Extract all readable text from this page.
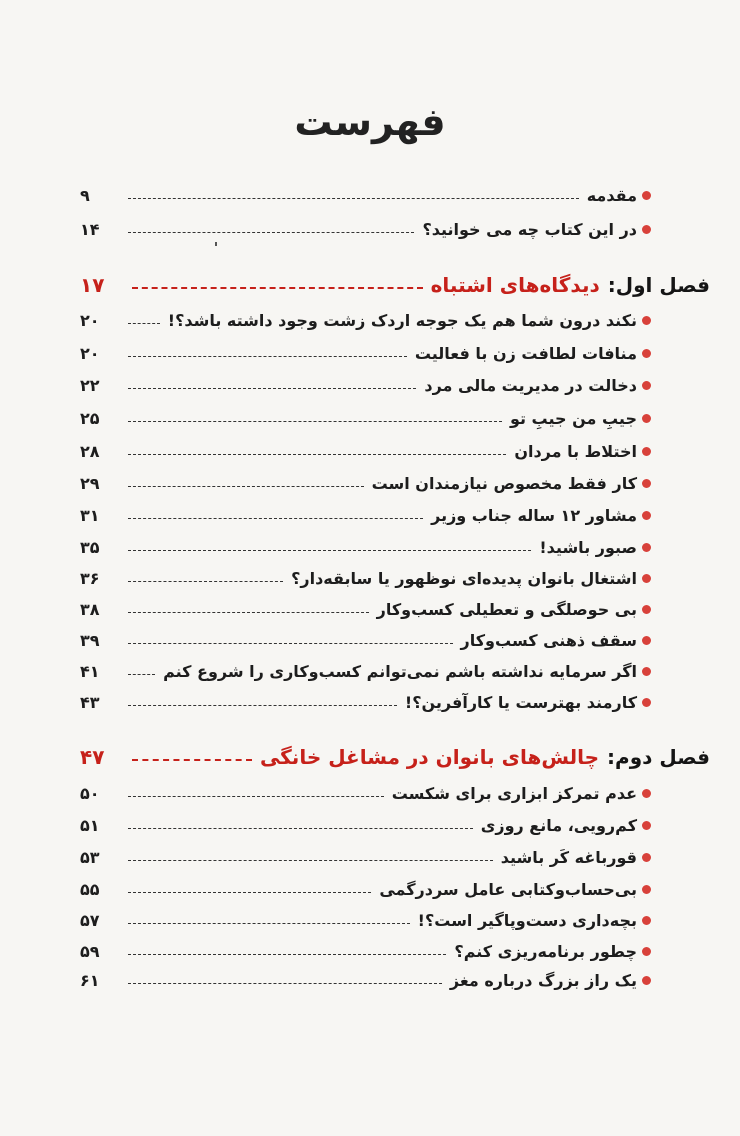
فهرست
مقدمه
۹
در این کتاب چه می خوانید؟
۱۴
فصل اول:
دیدگاه‌های اشتباه
۱۷
نکند درون شما هم یک جوجه اردک زشت وجود داشته باشد؟!
۲۰
منافات لطافت زن با فعالیت
۲۰
دخالت در مدیریت مالی مرد
۲۲
جیبِ من جیبِ تو
۲۵
اختلاط با مردان
۲۸
کار فقط مخصوص نیازمندان است
۲۹
مشاور ۱۲ ساله جناب وزیر
۳۱
صبور باشید!
۳۵
اشتغال بانوان پدیده‌ای نوظهور یا سابقه‌دار؟
۳۶
بی حوصلگی و تعطیلی کسب‌وکار
۳۸
سقف ذهنی کسب‌وکار
۳۹
اگر سرمایه نداشته باشم نمی‌توانم کسب‌وکاری را شروع کنم
۴۱
کارمند بهترست یا کارآفرین؟!
۴۳
فصل دوم:
چالش‌های بانوان در مشاغل خانگی
۴۷
عدم تمرکز ابزاری برای شکست
۵۰
کم‌رویی، مانع روزی
۵۱
قورباغه کَر باشید
۵۳
بی‌حساب‌وکتابی عامل سردرگمی
۵۵
بچه‌داری دست‌وپاگیر است؟!
۵۷
چطور برنامه‌ریزی کنم؟
۵۹
یک راز بزرگ درباره مغز
۶۱
